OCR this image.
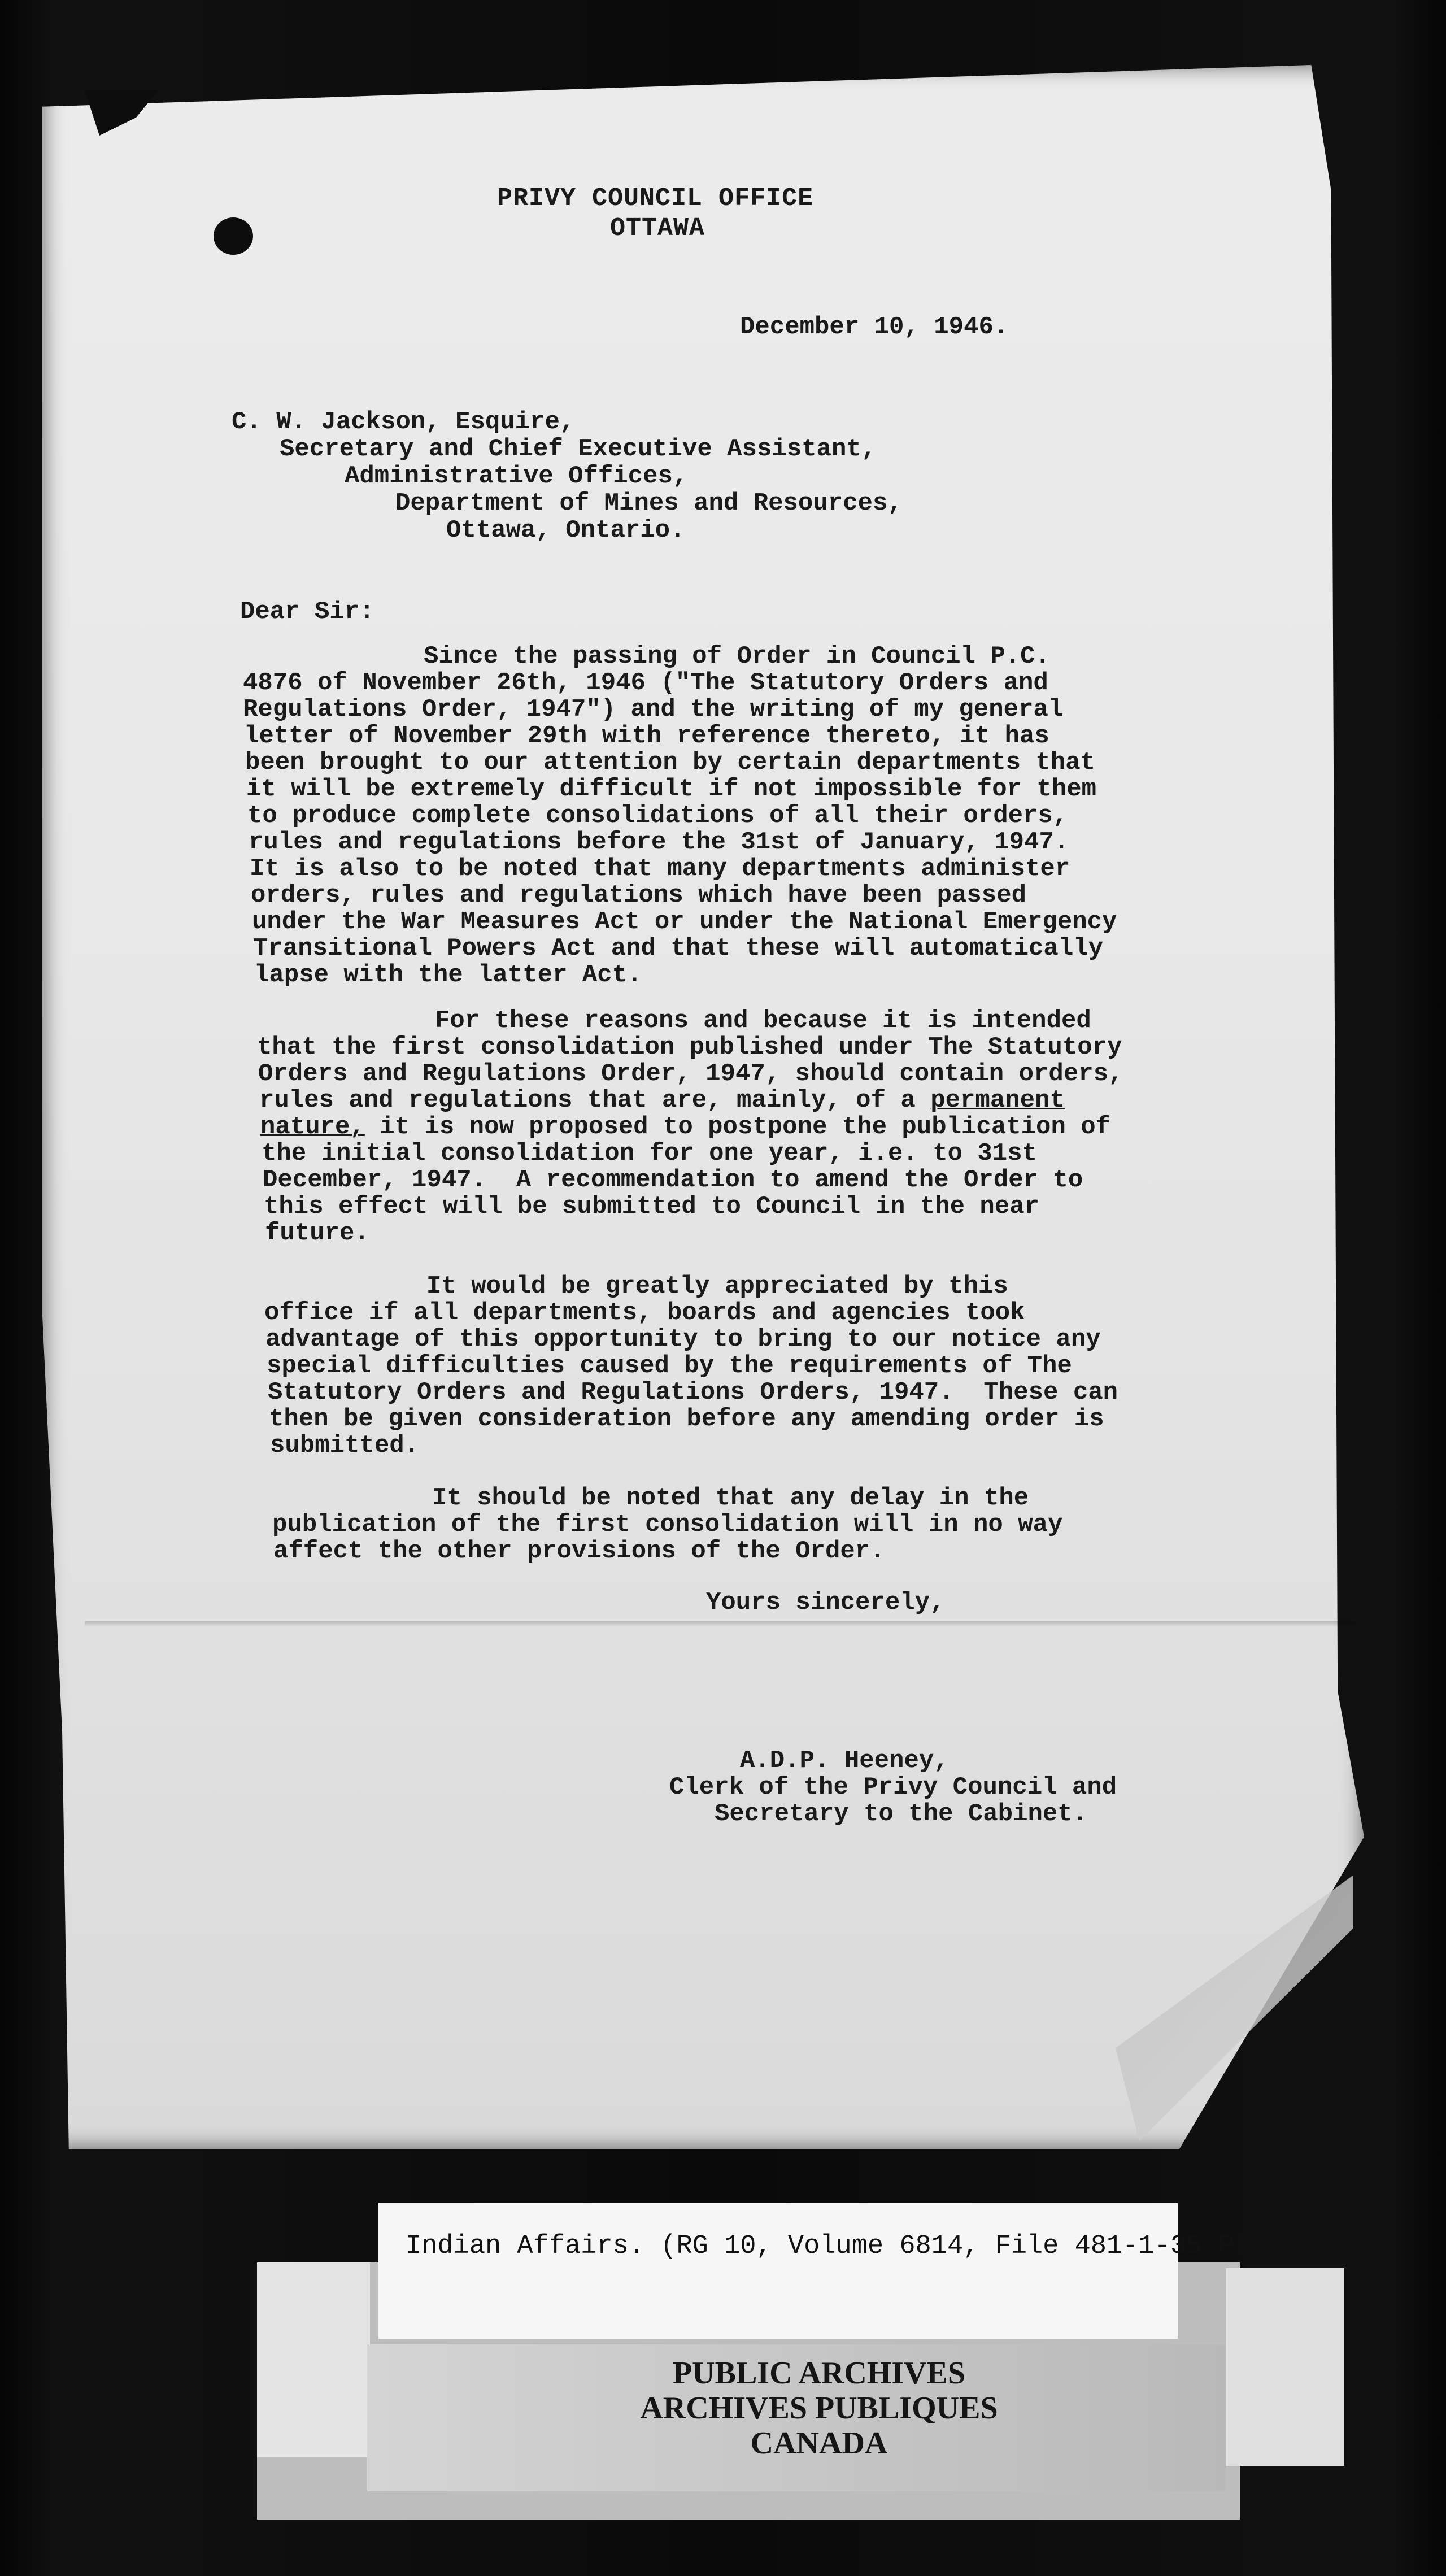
PRIVY COUNCIL OFFICE
OTTAWA
December 10, 1946.
C. W. Jackson, Esquire,
Secretary and Chief Executive Assistant,
Administrative Offices,
Department of Mines and Resources,
Ottawa, Ontario.
Dear Sir:
Since the passing of Order in Council P.C.
4876 of November 26th, 1946 ("The Statutory Orders and
Regulations Order, 1947") and the writing of my general
letter of November 29th with reference thereto, it has
been brought to our attention by certain departments that
it will be extremely difficult if not impossible for them
to produce complete consolidations of all their orders,
rules and regulations before the 31st of January, 1947.
It is also to be noted that many departments administer
orders, rules and regulations which have been passed
under the War Measures Act or under the National Emergency
Transitional Powers Act and that these will automatically
lapse with the latter Act.
For these reasons and because it is intended
that the first consolidation published under The Statutory
Orders and Regulations Order, 1947, should contain orders,
rules and regulations that are, mainly, of a permanent
nature, it is now proposed to postpone the publication of
the initial consolidation for one year, i.e. to 31st
December, 1947.  A recommendation to amend the Order to
this effect will be submitted to Council in the near
future.
It would be greatly appreciated by this
office if all departments, boards and agencies took
advantage of this opportunity to bring to our notice any
special difficulties caused by the requirements of The
Statutory Orders and Regulations Orders, 1947.  These can
then be given consideration before any amending order is
submitted.
It should be noted that any delay in the
publication of the first consolidation will in no way
affect the other provisions of the Order.
Yours sincerely,
A.D.P. Heeney,
Clerk of the Privy Council and
Secretary to the Cabinet.
Indian Affairs. (RG 10, Volume 6814, File 481-1-35 Pt.3)
PUBLIC ARCHIVES
ARCHIVES PUBLIQUES
CANADA
